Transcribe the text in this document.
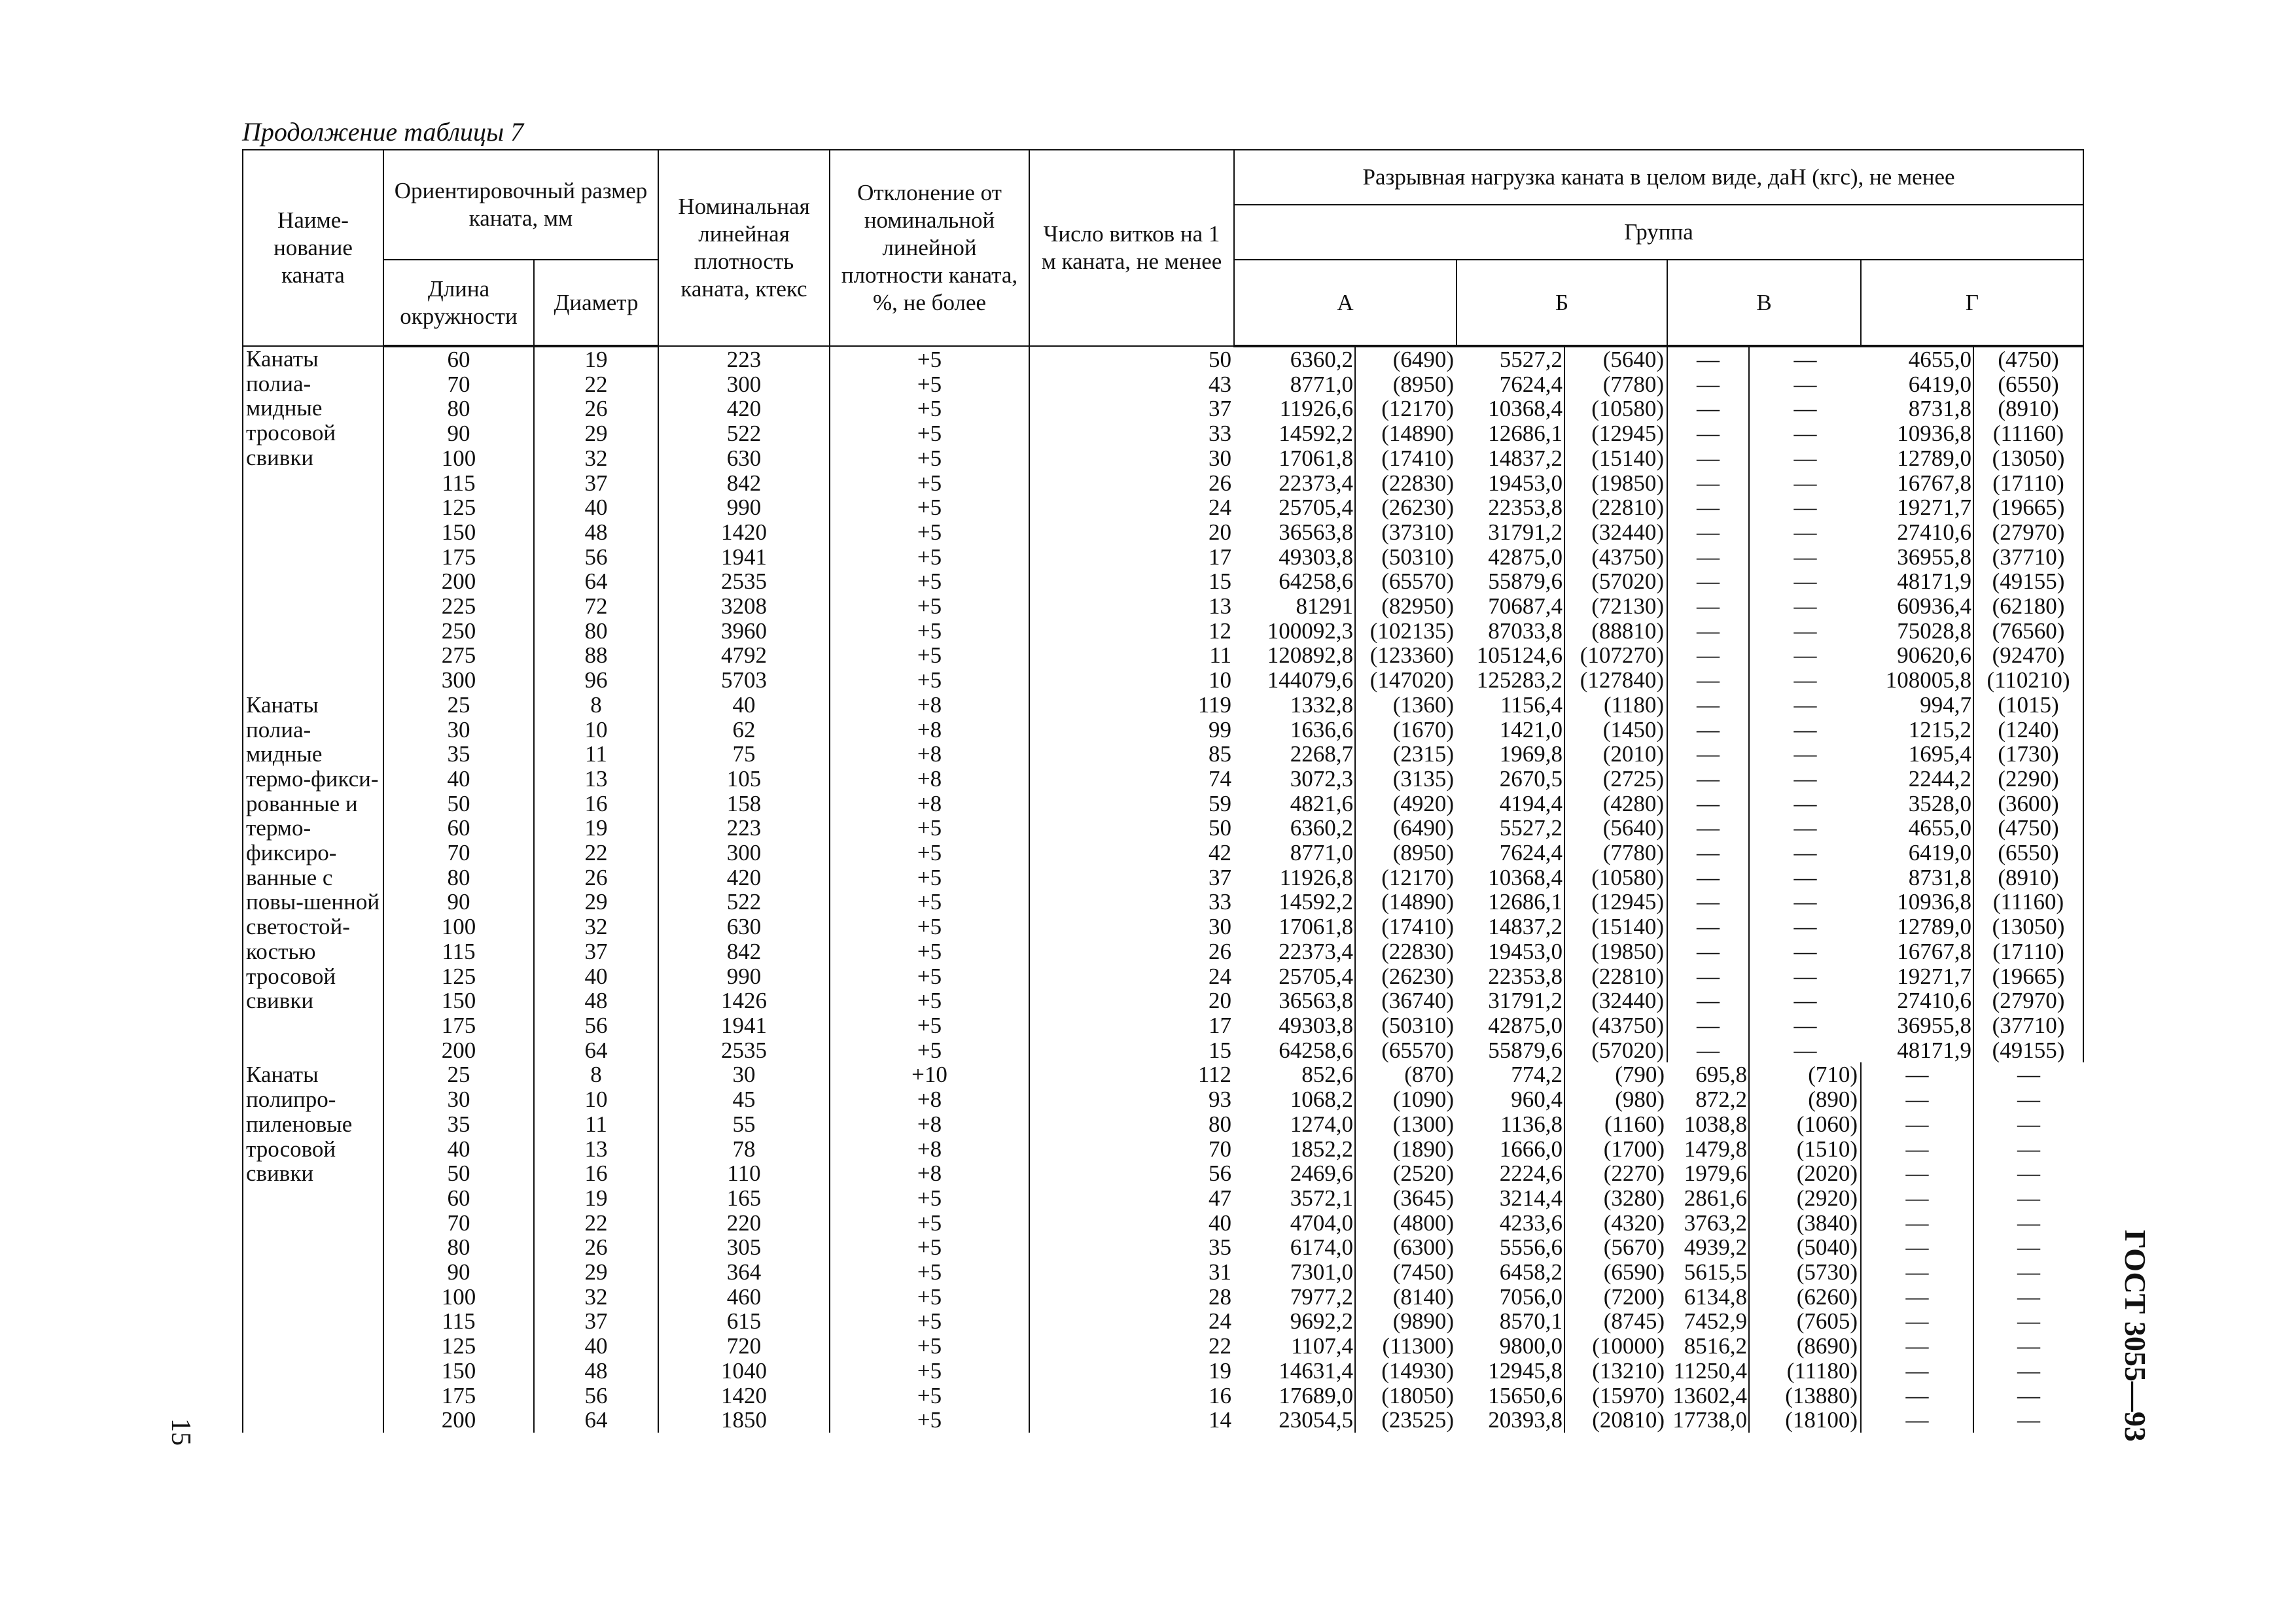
Продолжение таблицы 7
Наиме-нование каната	Ориентировочный размер каната, мм		Номинальная линейная плотность каната, ктекс	Отклонение от номинальной линейной плотности каната, %, не более	Число витков на 1 м каната, не менее	Разрывная нагрузка каната в целом виде, даН (кгс), не менее							
						Группа							
	Длина окружности	Диаметр				А		Б		В		Г	
Канаты полиа-мидные тросовой свивки	60	19	223	+5	50	6360,2	(6490)	5527,2	(5640)	—	—	4655,0	(4750)
	70	22	300	+5	43	8771,0	(8950)	7624,4	(7780)	—	—	6419,0	(6550)
	80	26	420	+5	37	11926,6	(12170)	10368,4	(10580)	—	—	8731,8	(8910)
	90	29	522	+5	33	14592,2	(14890)	12686,1	(12945)	—	—	10936,8	(11160)
	100	32	630	+5	30	17061,8	(17410)	14837,2	(15140)	—	—	12789,0	(13050)
	115	37	842	+5	26	22373,4	(22830)	19453,0	(19850)	—	—	16767,8	(17110)
	125	40	990	+5	24	25705,4	(26230)	22353,8	(22810)	—	—	19271,7	(19665)
	150	48	1420	+5	20	36563,8	(37310)	31791,2	(32440)	—	—	27410,6	(27970)
	175	56	1941	+5	17	49303,8	(50310)	42875,0	(43750)	—	—	36955,8	(37710)
	200	64	2535	+5	15	64258,6	(65570)	55879,6	(57020)	—	—	48171,9	(49155)
	225	72	3208	+5	13	81291	(82950)	70687,4	(72130)	—	—	60936,4	(62180)
	250	80	3960	+5	12	100092,3	(102135)	87033,8	(88810)	—	—	75028,8	(76560)
	275	88	4792	+5	11	120892,8	(123360)	105124,6	(107270)	—	—	90620,6	(92470)
	300	96	5703	+5	10	144079,6	(147020)	125283,2	(127840)	—	—	108005,8	(110210)
Канаты полиа-мидные термо-фикси-рованные и термо-фиксиро-ванные с повы-шенной светостой-костью тросовой свивки	25	8	40	+8	119	1332,8	(1360)	1156,4	(1180)	—	—	994,7	(1015)
	30	10	62	+8	99	1636,6	(1670)	1421,0	(1450)	—	—	1215,2	(1240)
	35	11	75	+8	85	2268,7	(2315)	1969,8	(2010)	—	—	1695,4	(1730)
	40	13	105	+8	74	3072,3	(3135)	2670,5	(2725)	—	—	2244,2	(2290)
	50	16	158	+8	59	4821,6	(4920)	4194,4	(4280)	—	—	3528,0	(3600)
	60	19	223	+5	50	6360,2	(6490)	5527,2	(5640)	—	—	4655,0	(4750)
	70	22	300	+5	42	8771,0	(8950)	7624,4	(7780)	—	—	6419,0	(6550)
	80	26	420	+5	37	11926,8	(12170)	10368,4	(10580)	—	—	8731,8	(8910)
	90	29	522	+5	33	14592,2	(14890)	12686,1	(12945)	—	—	10936,8	(11160)
	100	32	630	+5	30	17061,8	(17410)	14837,2	(15140)	—	—	12789,0	(13050)
	115	37	842	+5	26	22373,4	(22830)	19453,0	(19850)	—	—	16767,8	(17110)
	125	40	990	+5	24	25705,4	(26230)	22353,8	(22810)	—	—	19271,7	(19665)
	150	48	1426	+5	20	36563,8	(36740)	31791,2	(32440)	—	—	27410,6	(27970)
	175	56	1941	+5	17	49303,8	(50310)	42875,0	(43750)	—	—	36955,8	(37710)
	200	64	2535	+5	15	64258,6	(65570)	55879,6	(57020)	—	—	48171,9	(49155)
Канаты полипро-пиленовые тросовой свивки	25	8	30	+10	112	852,6	(870)	774,2	(790)	695,8	(710)	—	—
	30	10	45	+8	93	1068,2	(1090)	960,4	(980)	872,2	(890)	—	—
	35	11	55	+8	80	1274,0	(1300)	1136,8	(1160)	1038,8	(1060)	—	—
	40	13	78	+8	70	1852,2	(1890)	1666,0	(1700)	1479,8	(1510)	—	—
	50	16	110	+8	56	2469,6	(2520)	2224,6	(2270)	1979,6	(2020)	—	—
	60	19	165	+5	47	3572,1	(3645)	3214,4	(3280)	2861,6	(2920)	—	—
	70	22	220	+5	40	4704,0	(4800)	4233,6	(4320)	3763,2	(3840)	—	—
	80	26	305	+5	35	6174,0	(6300)	5556,6	(5670)	4939,2	(5040)	—	—
	90	29	364	+5	31	7301,0	(7450)	6458,2	(6590)	5615,5	(5730)	—	—
	100	32	460	+5	28	7977,2	(8140)	7056,0	(7200)	6134,8	(6260)	—	—
	115	37	615	+5	24	9692,2	(9890)	8570,1	(8745)	7452,9	(7605)	—	—
	125	40	720	+5	22	1107,4	(11300)	9800,0	(10000)	8516,2	(8690)	—	—
	150	48	1040	+5	19	14631,4	(14930)	12945,8	(13210)	11250,4	(11180)	—	—
	175	56	1420	+5	16	17689,0	(18050)	15650,6	(15970)	13602,4	(13880)	—	—
	200	64	1850	+5	14	23054,5	(23525)	20393,8	(20810)	17738,0	(18100)	—	—
15	ГОСТ 3055—93
